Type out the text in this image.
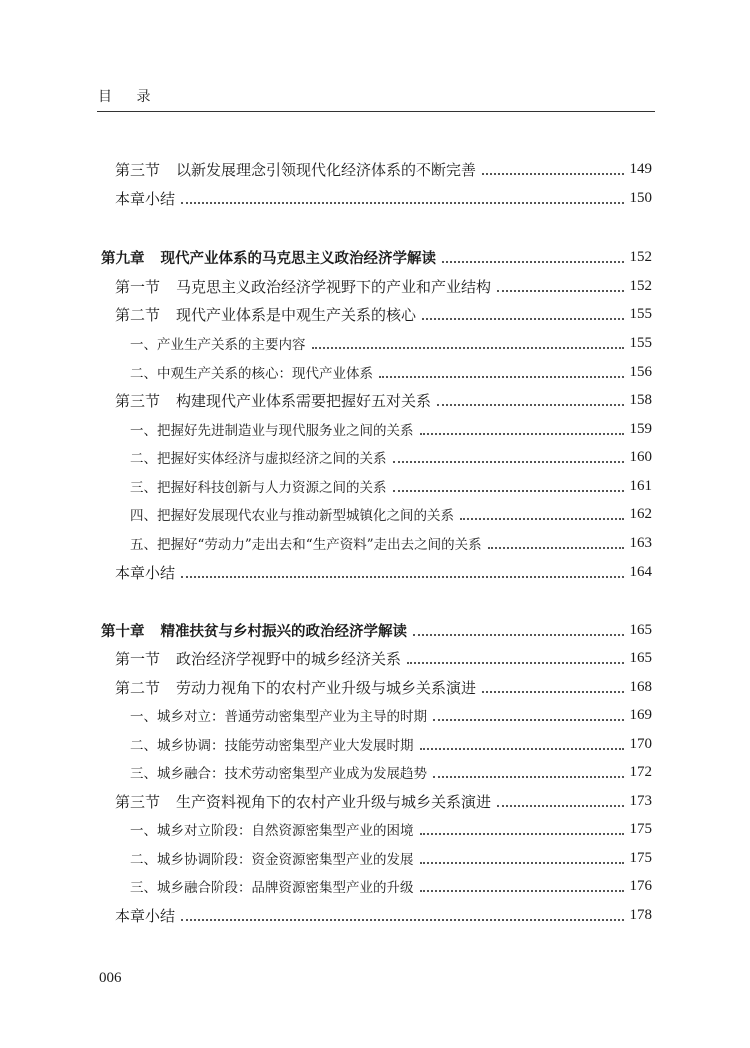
目 录
第三节 以新发展理念引领现代化经济体系的不断完善	149
本章小结	150
第九章 现代产业体系的马克思主义政治经济学解读	152
第一节 马克思主义政治经济学视野下的产业和产业结构	152
第二节 现代产业体系是中观生产关系的核心	155
一、产业生产关系的主要内容	155
二、中观生产关系的核心：现代产业体系	156
第三节 构建现代产业体系需要把握好五对关系	158
一、把握好先进制造业与现代服务业之间的关系	159
二、把握好实体经济与虚拟经济之间的关系	160
三、把握好科技创新与人力资源之间的关系	161
四、把握好发展现代农业与推动新型城镇化之间的关系	162
五、把握好“劳动力”走出去和“生产资料”走出去之间的关系	163
本章小结	164
第十章 精准扶贫与乡村振兴的政治经济学解读	165
第一节 政治经济学视野中的城乡经济关系	165
第二节 劳动力视角下的农村产业升级与城乡关系演进	168
一、城乡对立：普通劳动密集型产业为主导的时期	169
二、城乡协调：技能劳动密集型产业大发展时期	170
三、城乡融合：技术劳动密集型产业成为发展趋势	172
第三节 生产资料视角下的农村产业升级与城乡关系演进	173
一、城乡对立阶段：自然资源密集型产业的困境	175
二、城乡协调阶段：资金资源密集型产业的发展	175
三、城乡融合阶段：品牌资源密集型产业的升级	176
本章小结	178
006
